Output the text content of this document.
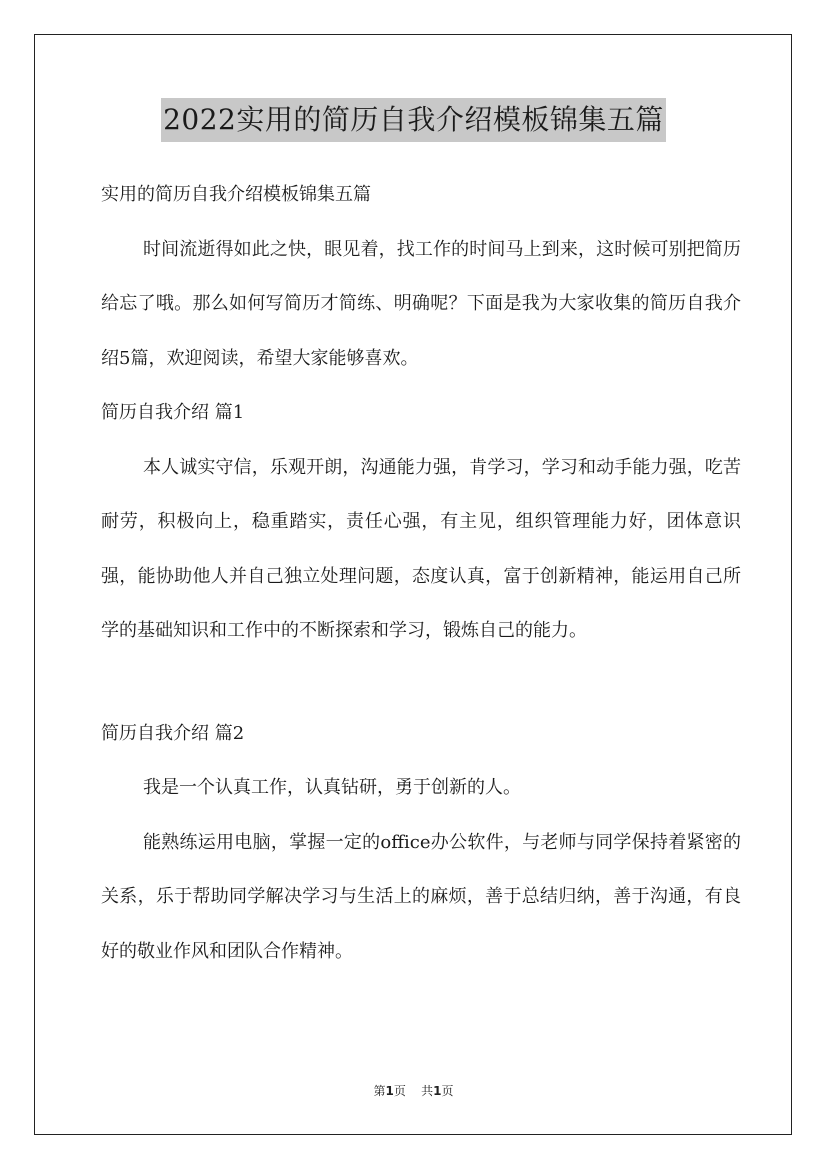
2022实用的简历自我介绍模板锦集五篇

实用的简历自我介绍模板锦集五篇

时间流逝得如此之快，眼见着，找工作的时间马上到来，这时候可别把简历给忘了哦。那么如何写简历才简练、明确呢？下面是我为大家收集的简历自我介绍5篇，欢迎阅读，希望大家能够喜欢。

简历自我介绍 篇1

本人诚实守信，乐观开朗，沟通能力强，肯学习，学习和动手能力强，吃苦耐劳，积极向上，稳重踏实，责任心强，有主见，组织管理能力好，团体意识强，能协助他人并自己独立处理问题，态度认真，富于创新精神，能运用自己所学的基础知识和工作中的不断探索和学习，锻炼自己的能力。

简历自我介绍 篇2

我是一个认真工作，认真钻研，勇于创新的人。

能熟练运用电脑，掌握一定的office办公软件，与老师与同学保持着紧密的关系，乐于帮助同学解决学习与生活上的麻烦，善于总结归纳，善于沟通，有良好的敬业作风和团队合作精神。

第1页 共1页
